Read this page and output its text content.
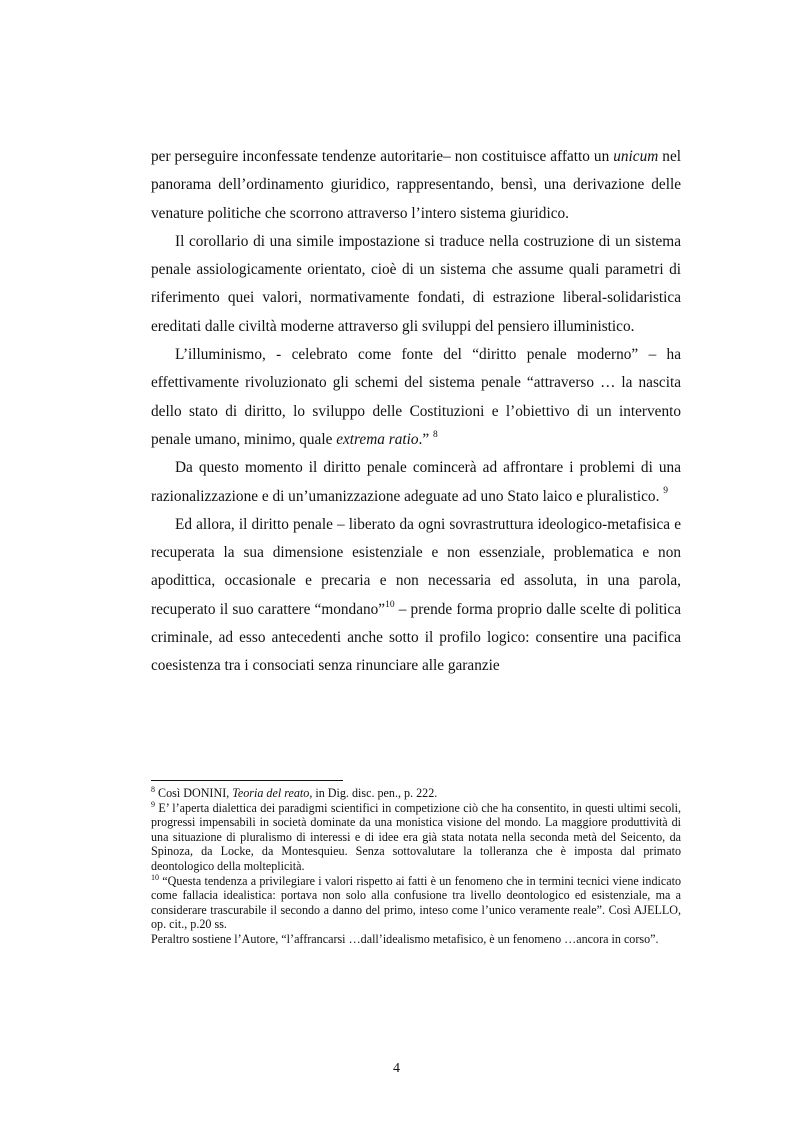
per perseguire inconfessate tendenze autoritarie– non costituisce affatto un unicum nel panorama dell’ordinamento giuridico, rappresentando, bensì, una derivazione delle venature politiche che scorrono attraverso l’intero sistema giuridico.

Il corollario di una simile impostazione si traduce nella costruzione di un sistema penale assiologicamente orientato, cioè di un sistema che assume quali parametri di riferimento quei valori, normativamente fondati, di estrazione liberal-solidaristica ereditati dalle civiltà moderne attraverso gli sviluppi del pensiero illuministico.

L’illuminismo, - celebrato come fonte del “diritto penale moderno” – ha effettivamente rivoluzionato gli schemi del sistema penale “attraverso … la nascita dello stato di diritto, lo sviluppo delle Costituzioni e l’obiettivo di un intervento penale umano, minimo, quale extrema ratio.” $^8$

Da questo momento il diritto penale comincerà ad affrontare i problemi di una razionalizzazione e di un’umanizzazione adeguate ad uno Stato laico e pluralistico. $^9$

Ed allora, il diritto penale – liberato da ogni sovrastruttura ideologico-metafisica e recuperata la sua dimensione esistenziale e non essenziale, problematica e non apodittica, occasionale e precaria e non necessaria ed assoluta, in una parola, recuperato il suo carattere “mondano”$^{10}$ – prende forma proprio dalle scelte di politica criminale, ad esso antecedenti anche sotto il profilo logico: consentire una pacifica coesistenza tra i consociati senza rinunciare alle garanzie

$^8$ Così DONINI, Teoria del reato, in Dig. disc. pen., p. 222.

$^9$ E’ l’aperta dialettica dei paradigmi scientifici in competizione ciò che ha consentito, in questi ultimi secoli, progressi impensabili in società dominate da una monistica visione del mondo. La maggiore produttività di una situazione di pluralismo di interessi e di idee era già stata notata nella seconda metà del Seicento, da Spinoza, da Locke, da Montesquieu. Senza sottovalutare la tolleranza che è imposta dal primato deontologico della molteplicità.

$^{10}$ “Questa tendenza a privilegiare i valori rispetto ai fatti è un fenomeno che in termini tecnici viene indicato come fallacia idealistica: portava non solo alla confusione tra livello deontologico ed esistenziale, ma a considerare trascurabile il secondo a danno del primo, inteso come l’unico veramente reale”. Così AJELLO, op. cit., p.20 ss.

Peraltro sostiene l’Autore, “l’affrancarsi …dall’idealismo metafisico, è un fenomeno …ancora in corso”.

4
